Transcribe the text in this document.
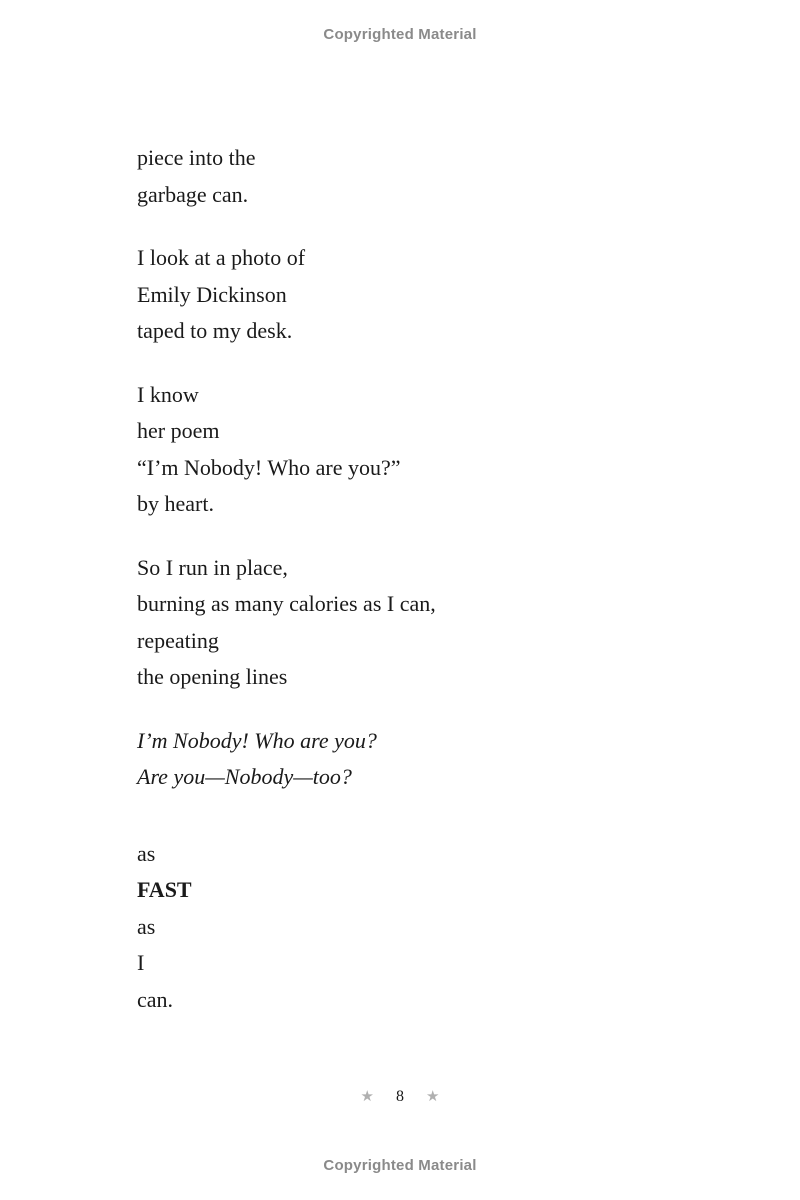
Copyrighted Material
piece into the
garbage can.
I look at a photo of
Emily Dickinson
taped to my desk.
I know
her poem
“I’m Nobody! Who are you?”
by heart.
So I run in place,
burning as many calories as I can,
repeating
the opening lines
I’m Nobody! Who are you?
Are you—Nobody—too?
as
FAST
as
I
can.
★ 8 ★
Copyrighted Material
